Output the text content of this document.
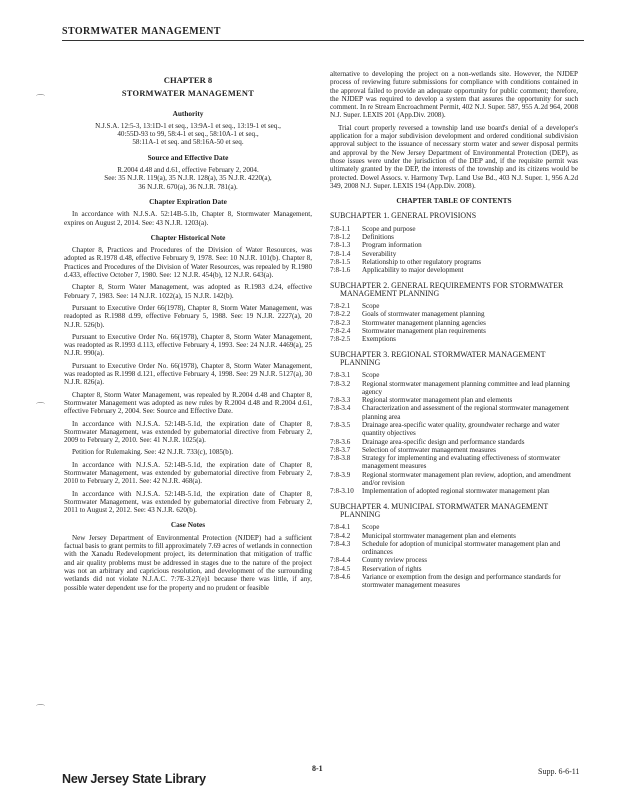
STORMWATER MANAGEMENT
CHAPTER 8
STORMWATER MANAGEMENT
Authority
N.J.S.A. 12:5-3, 13:1D-1 et seq., 13:9A-1 et seq., 13:19-1 et seq.,
40:55D-93 to 99, 58:4-1 et seq., 58:10A-1 et seq.,
58:11A-1 et seq. and 58:16A-50 et seq.
Source and Effective Date
R.2004 d.48 and d.61, effective February 2, 2004.
See: 35 N.J.R. 119(a), 35 N.J.R. 128(a), 35 N.J.R. 4220(a),
36 N.J.R. 670(a), 36 N.J.R. 781(a).
Chapter Expiration Date

In accordance with N.J.S.A. 52:14B-5.1b, Chapter 8, Stormwater Management, expires on August 2, 2014. See: 43 N.J.R. 1203(a).

Chapter Historical Note

Chapter 8, Practices and Procedures of the Division of Water Resources, was adopted as R.1978 d.48, effective February 9, 1978. See: 10 N.J.R. 101(b). Chapter 8, Practices and Procedures of the Division of Water Resources, was repealed by R.1980 d.433, effective October 7, 1980. See: 12 N.J.R. 454(b), 12 N.J.R. 643(a).

Chapter 8, Storm Water Management, was adopted as R.1983 d.24, effective February 7, 1983. See: 14 N.J.R. 1022(a), 15 N.J.R. 142(b).

Pursuant to Executive Order 66(1978), Chapter 8, Storm Water Management, was readopted as R.1988 d.99, effective February 5, 1988. See: 19 N.J.R. 2227(a), 20 N.J.R. 526(b).

Pursuant to Executive Order No. 66(1978), Chapter 8, Storm Water Management, was readopted as R.1993 d.113, effective February 4, 1993. See: 24 N.J.R. 4469(a), 25 N.J.R. 990(a).

Pursuant to Executive Order No. 66(1978), Chapter 8, Storm Water Management, was readopted as R.1998 d.121, effective February 4, 1998. See: 29 N.J.R. 5127(a), 30 N.J.R. 826(a).

Chapter 8, Storm Water Management, was repealed by R.2004 d.48 and Chapter 8, Stormwater Management was adopted as new rules by R.2004 d.48 and R.2004 d.61, effective February 2, 2004. See: Source and Effective Date.

In accordance with N.J.S.A. 52:14B-5.1d, the expiration date of Chapter 8, Stormwater Management, was extended by gubernatorial directive from February 2, 2009 to February 2, 2010. See: 41 N.J.R. 1025(a).

Petition for Rulemaking. See: 42 N.J.R. 733(c), 1085(b).

In accordance with N.J.S.A. 52:14B-5.1d, the expiration date of Chapter 8, Stormwater Management, was extended by gubernatorial directive from February 2, 2010 to February 2, 2011. See: 42 N.J.R. 468(a).

In accordance with N.J.S.A. 52:14B-5.1d, the expiration date of Chapter 8, Stormwater Management, was extended by gubernatorial directive from February 2, 2011 to August 2, 2012. See: 43 N.J.R. 620(b).

Case Notes

New Jersey Department of Environmental Protection (NJDEP) had a sufficient factual basis to grant permits to fill approximately 7.69 acres of wetlands in connection with the Xanadu Redevelopment project, its determination that mitigation of traffic and air quality problems must be addressed in stages due to the nature of the project was not an arbitrary and capricious resolution, and development of the surrounding wetlands did not violate N.J.A.C. 7:7E-3.27(e)1 because there was little, if any, possible water dependent use for the property and no prudent or feasible

alternative to developing the project on a non-wetlands site. However, the NJDEP process of reviewing future submissions for compliance with conditions contained in the approval failed to provide an adequate opportunity for public comment; therefore, the NJDEP was required to develop a system that assures the opportunity for such comment. In re Stream Encroachment Permit, 402 N.J. Super. 587, 955 A.2d 964, 2008 N.J. Super. LEXIS 201 (App.Div. 2008).

Trial court properly reversed a township land use board's denial of a developer's application for a major subdivision development and ordered conditional subdivision approval subject to the issuance of necessary storm water and sewer disposal permits and approval by the New Jersey Department of Environmental Protection (DEP), as those issues were under the jurisdiction of the DEP and, if the requisite permit was ultimately granted by the DEP, the interests of the township and its citizens would be protected. Dowel Assocs. v. Harmony Twp. Land Use Bd., 403 N.J. Super. 1, 956 A.2d 349, 2008 N.J. Super. LEXIS 194 (App.Div. 2008).

CHAPTER TABLE OF CONTENTS
SUBCHAPTER 1. GENERAL PROVISIONS
7:8-1.1	Scope and purpose
7:8-1.2	Definitions
7:8-1.3	Program information
7:8-1.4	Severability
7:8-1.5	Relationship to other regulatory programs
7:8-1.6	Applicability to major development
SUBCHAPTER 2. GENERAL REQUIREMENTS FOR STORMWATER MANAGEMENT PLANNING
7:8-2.1	Scope
7:8-2.2	Goals of stormwater management planning
7:8-2.3	Stormwater management planning agencies
7:8-2.4	Stormwater management plan requirements
7:8-2.5	Exemptions
SUBCHAPTER 3. REGIONAL STORMWATER MANAGEMENT PLANNING
7:8-3.1	Scope
7:8-3.2	Regional stormwater management planning committee and lead planning agency
7:8-3.3	Regional stormwater management plan and elements
7:8-3.4	Characterization and assessment of the regional stormwater management planning area
7:8-3.5	Drainage area-specific water quality, groundwater recharge and water quantity objectives
7:8-3.6	Drainage area-specific design and performance standards
7:8-3.7	Selection of stormwater management measures
7:8-3.8	Strategy for implementing and evaluating effectiveness of stormwater management measures
7:8-3.9	Regional stormwater management plan review, adoption, and amendment and/or revision
7:8-3.10	Implementation of adopted regional stormwater management plan
SUBCHAPTER 4. MUNICIPAL STORMWATER MANAGEMENT PLANNING
7:8-4.1	Scope
7:8-4.2	Municipal stormwater management plan and elements
7:8-4.3	Schedule for adoption of municipal stormwater management plan and ordinances
7:8-4.4	County review process
7:8-4.5	Reservation of rights
7:8-4.6	Variance or exemption from the design and performance standards for stormwater management measures
⌒
⌒
⌒
New Jersey State Library
8-1	Supp. 6-6-11
